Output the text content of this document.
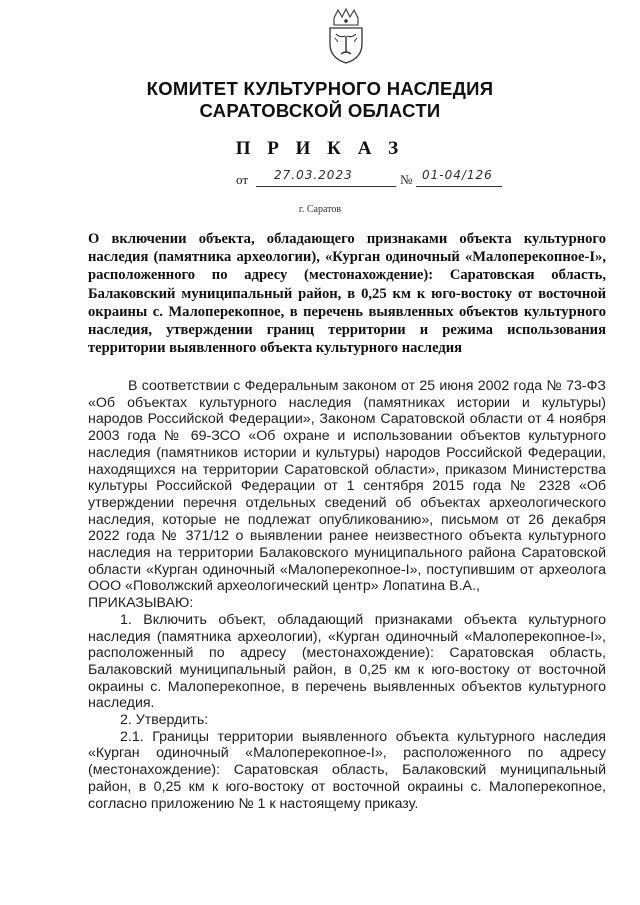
КОМИТЕТ КУЛЬТУРНОГО НАСЛЕДИЯ
САРАТОВСКОЙ ОБЛАСТИ
П Р И К А З
от 27.03.2023	№ 01-04/126
г. Саратов
О включении объекта, обладающего признаками объекта культурного наследия (памятника археологии), «Курган одиночный «Малоперекопное-I», расположенного по адресу (местонахождение): Саратовская область, Балаковский муниципальный район, в 0,25 км к юго-востоку от восточной окраины с. Малоперекопное, в перечень выявленных объектов культурного наследия, утверждении границ территории и режима использования территории выявленного объекта культурного наследия

В соответствии с Федеральным законом от 25 июня 2002 года № 73-ФЗ «Об объектах культурного наследия (памятниках истории и культуры) народов Российской Федерации», Законом Саратовской области от 4 ноября 2003 года № 69-ЗСО «Об охране и использовании объектов культурного наследия (памятников истории и культуры) народов Российской Федерации, находящихся на территории Саратовской области», приказом Министерства культуры Российской Федерации от 1 сентября 2015 года № 2328 «Об утверждении перечня отдельных сведений об объектах археологического наследия, которые не подлежат опубликованию», письмом от 26 декабря 2022 года № 371/12 о выявлении ранее неизвестного объекта культурного наследия на территории Балаковского муниципального района Саратовской области «Курган одиночный «Малоперекопное-I», поступившим от археолога ООО «Поволжский археологический центр» Лопатина В.А.,

ПРИКАЗЫВАЮ:

1. Включить объект, обладающий признаками объекта культурного наследия (памятника археологии), «Курган одиночный «Малоперекопное-I», расположенный по адресу (местонахождение): Саратовская область, Балаковский муниципальный район, в 0,25 км к юго-востоку от восточной окраины с. Малоперекопное, в перечень выявленных объектов культурного наследия.

2. Утвердить:

2.1. Границы территории выявленного объекта культурного наследия «Курган одиночный «Малоперекопное-I», расположенного по адресу (местонахождение): Саратовская область, Балаковский муниципальный район, в 0,25 км к юго-востоку от восточной окраины с. Малоперекопное, согласно приложению № 1 к настоящему приказу.
